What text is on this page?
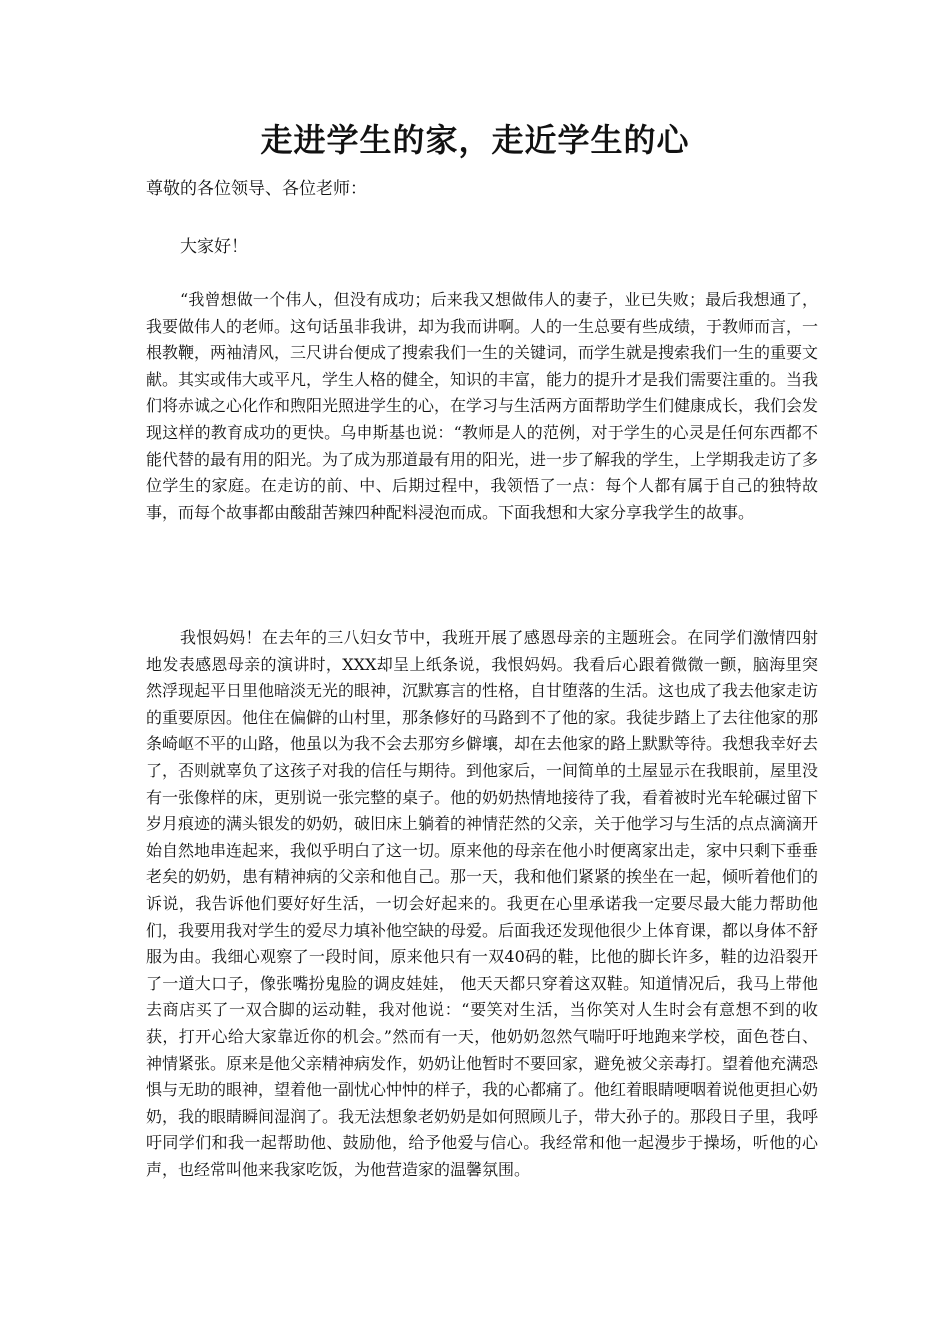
走进学生的家，走近学生的心
尊敬的各位领导、各位老师：
大家好！

“我曾想做一个伟人，但没有成功；后来我又想做伟人的妻子，业已失败；最后我想通了，我要做伟人的老师。这句话虽非我讲，却为我而讲啊。人的一生总要有些成绩，于教师而言，一根教鞭，两袖清风，三尺讲台便成了搜索我们一生的关键词，而学生就是搜索我们一生的重要文献。其实或伟大或平凡，学生人格的健全，知识的丰富，能力的提升才是我们需要注重的。当我们将赤诚之心化作和煦阳光照进学生的心，在学习与生活两方面帮助学生们健康成长，我们会发现这样的教育成功的更快。乌申斯基也说：“教师是人的范例，对于学生的心灵是任何东西都不能代替的最有用的阳光。为了成为那道最有用的阳光，进一步了解我的学生，上学期我走访了多位学生的家庭。在走访的前、中、后期过程中，我领悟了一点：每个人都有属于自己的独特故事，而每个故事都由酸甜苦辣四种配料浸泡而成。下面我想和大家分享我学生的故事。

我恨妈妈！在去年的三八妇女节中，我班开展了感恩母亲的主题班会。在同学们激情四射地发表感恩母亲的演讲时，XXX却呈上纸条说，我恨妈妈。我看后心跟着微微一颤，脑海里突然浮现起平日里他暗淡无光的眼神，沉默寡言的性格，自甘堕落的生活。这也成了我去他家走访的重要原因。他住在偏僻的山村里，那条修好的马路到不了他的家。我徒步踏上了去往他家的那条崎岖不平的山路，他虽以为我不会去那穷乡僻壤，却在去他家的路上默默等待。我想我幸好去了，否则就辜负了这孩子对我的信任与期待。到他家后，一间简单的土屋显示在我眼前，屋里没有一张像样的床，更别说一张完整的桌子。他的奶奶热情地接待了我，看着被时光车轮碾过留下岁月痕迹的满头银发的奶奶，破旧床上躺着的神情茫然的父亲，关于他学习与生活的点点滴滴开始自然地串连起来，我似乎明白了这一切。原来他的母亲在他小时便离家出走，家中只剩下垂垂老矣的奶奶，患有精神病的父亲和他自己。那一天，我和他们紧紧的挨坐在一起，倾听着他们的诉说，我告诉他们要好好生活，一切会好起来的。我更在心里承诺我一定要尽最大能力帮助他们，我要用我对学生的爱尽力填补他空缺的母爱。后面我还发现他很少上体育课，都以身体不舒服为由。我细心观察了一段时间，原来他只有一双40码的鞋，比他的脚长许多，鞋的边沿裂开了一道大口子，像张嘴扮鬼脸的调皮娃娃， 他天天都只穿着这双鞋。知道情况后，我马上带他去商店买了一双合脚的运动鞋，我对他说：“要笑对生活，当你笑对人生时会有意想不到的收获，打开心给大家靠近你的机会。”然而有一天，他奶奶忽然气喘吁吁地跑来学校，面色苍白、神情紧张。原来是他父亲精神病发作，奶奶让他暂时不要回家，避免被父亲毒打。望着他充满恐惧与无助的眼神，望着他一副忧心忡忡的样子，我的心都痛了。他红着眼睛哽咽着说他更担心奶奶，我的眼睛瞬间湿润了。我无法想象老奶奶是如何照顾儿子，带大孙子的。那段日子里，我呼吁同学们和我一起帮助他、鼓励他，给予他爱与信心。我经常和他一起漫步于操场，听他的心声，也经常叫他来我家吃饭，为他营造家的温馨氛围。
